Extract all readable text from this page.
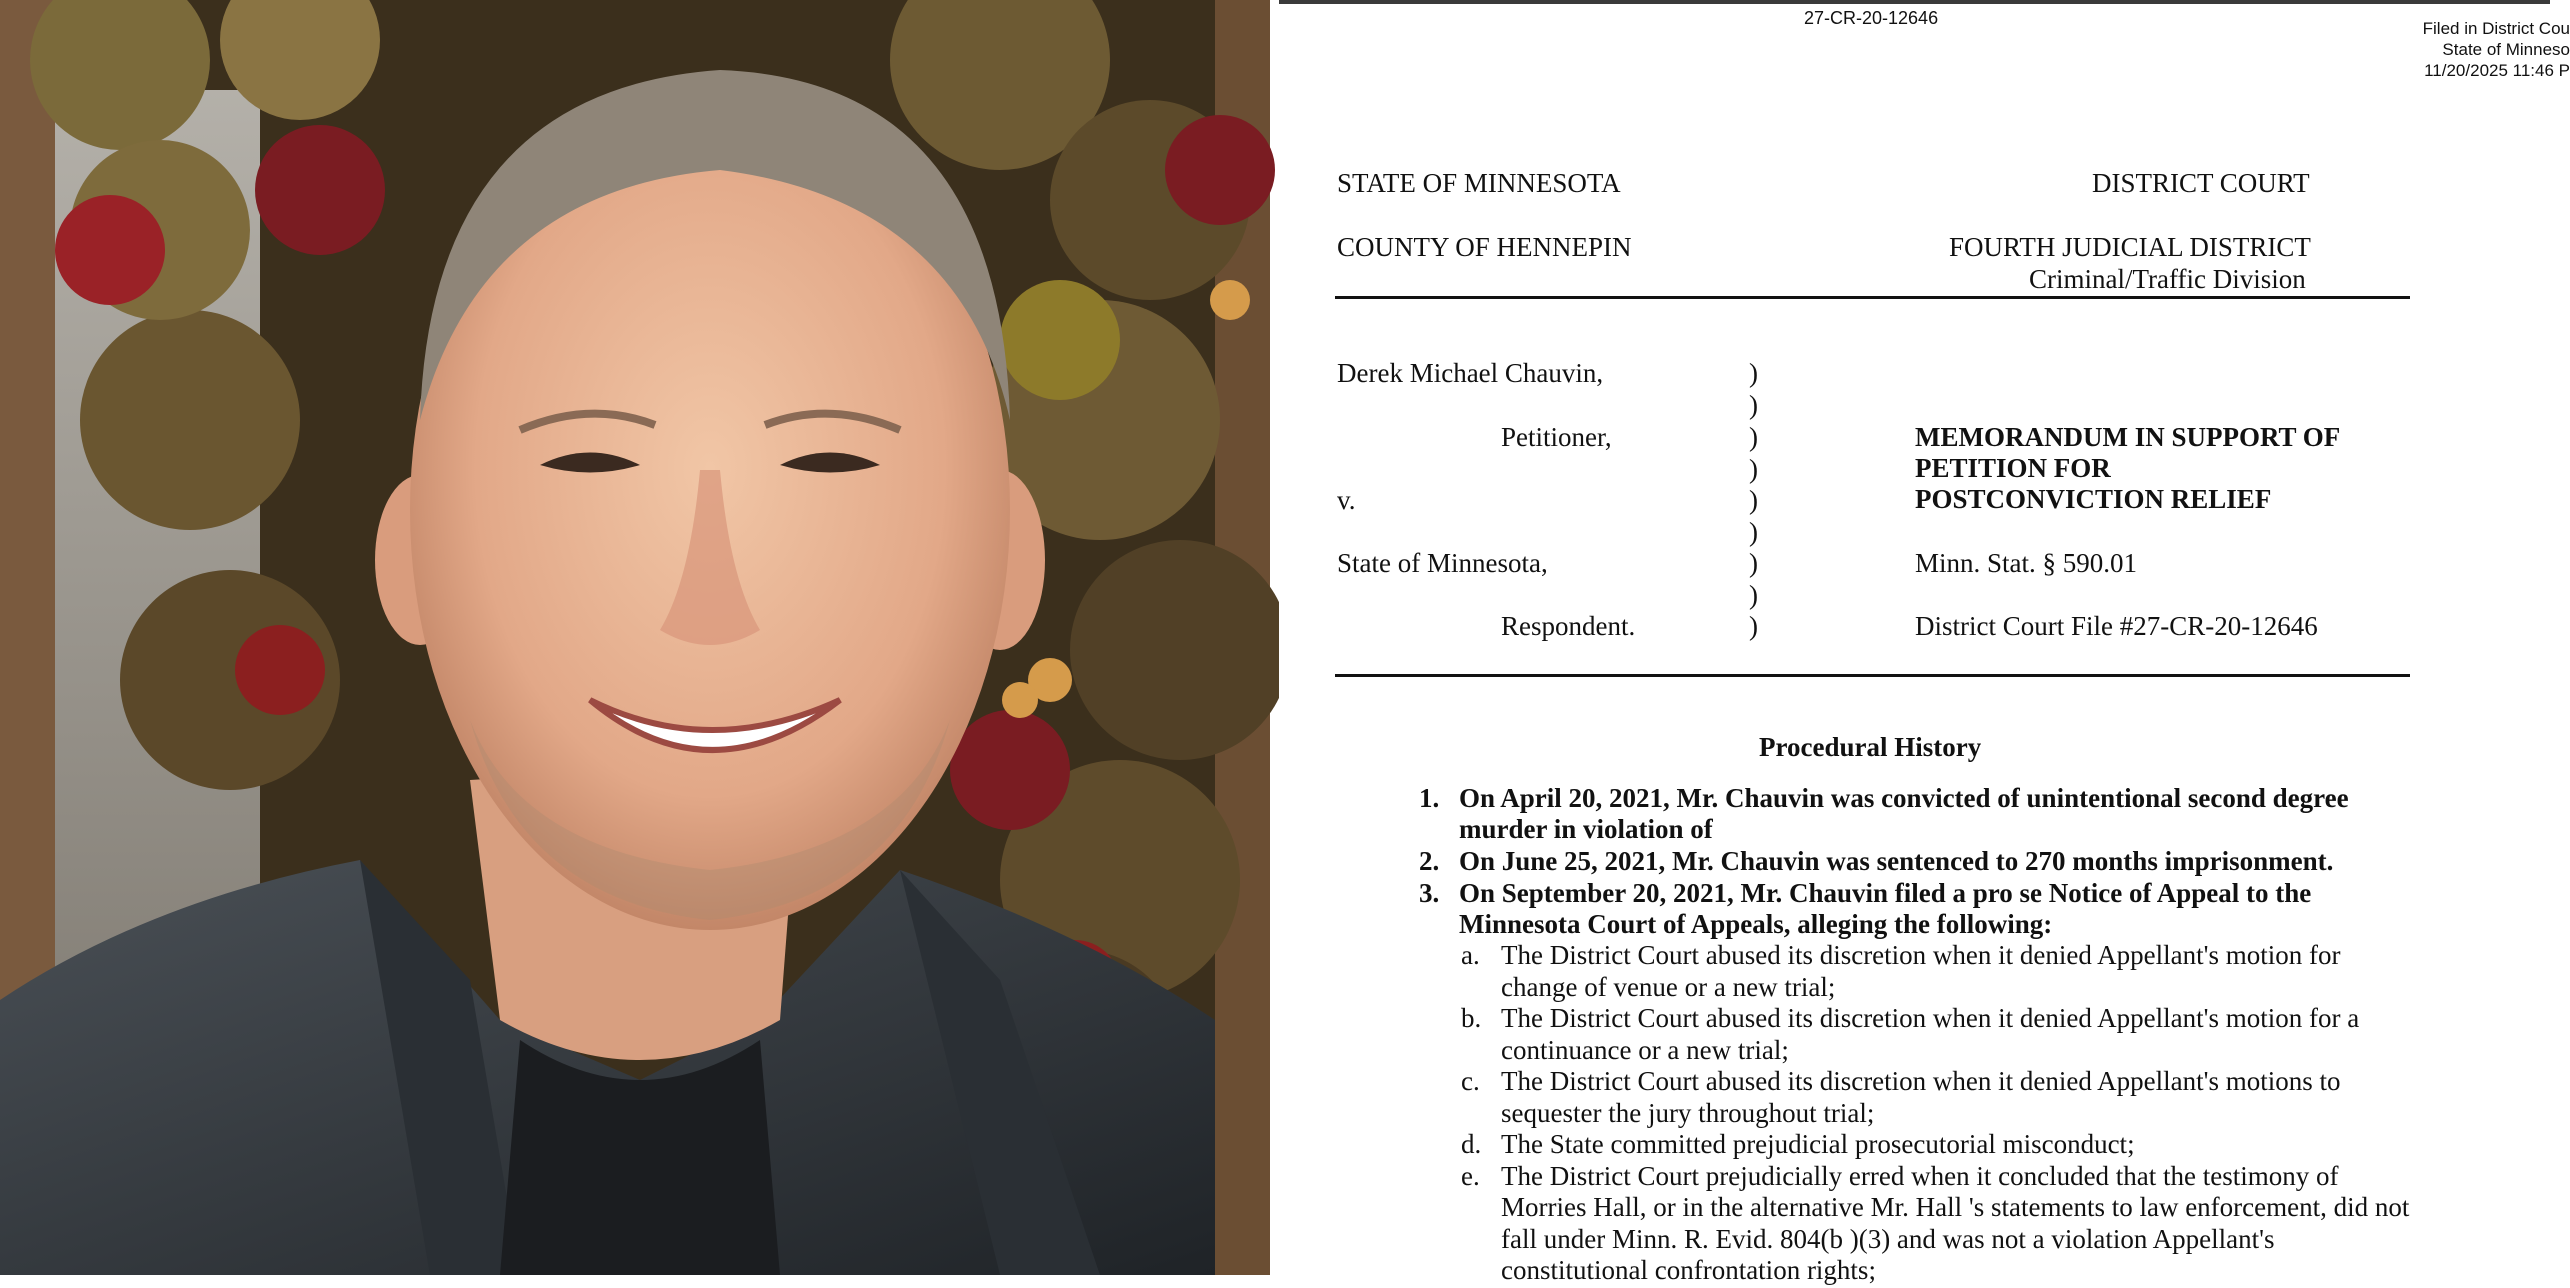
27-CR-20-12646
Filed in District Cou
State of Minneso
11/20/2025 11:46 P
STATE OF MINNESOTA	DISTRICT COURT
COUNTY OF HENNEPIN	FOURTH JUDICIAL DISTRICT
Criminal/Traffic Division
Derek Michael Chauvin,
Petitioner,
v.
State of Minnesota,
Respondent.
)
)
)
)
)
)
)
)
)
MEMORANDUM IN SUPPORT OF
PETITION FOR
POSTCONVICTION RELIEF
Minn. Stat. § 590.01
District Court File #27-CR-20-12646
Procedural History
1. On April 20, 2021, Mr. Chauvin was convicted of unintentional second degree murder in violation of
2. On June 25, 2021, Mr. Chauvin was sentenced to 270 months imprisonment.
3. On September 20, 2021, Mr. Chauvin filed a pro se Notice of Appeal to the Minnesota Court of Appeals, alleging the following:
a. The District Court abused its discretion when it denied Appellant's motion for change of venue or a new trial;
b. The District Court abused its discretion when it denied Appellant's motion for a continuance or a new trial;
c. The District Court abused its discretion when it denied Appellant's motions to sequester the jury throughout trial;
d. The State committed prejudicial prosecutorial misconduct;
e. The District Court prejudicially erred when it concluded that the testimony of Morries Hall, or in the alternative Mr. Hall 's statements to law enforcement, did not fall under Minn. R. Evid. 804(b )(3) and was not a violation Appellant's constitutional confrontation rights;
